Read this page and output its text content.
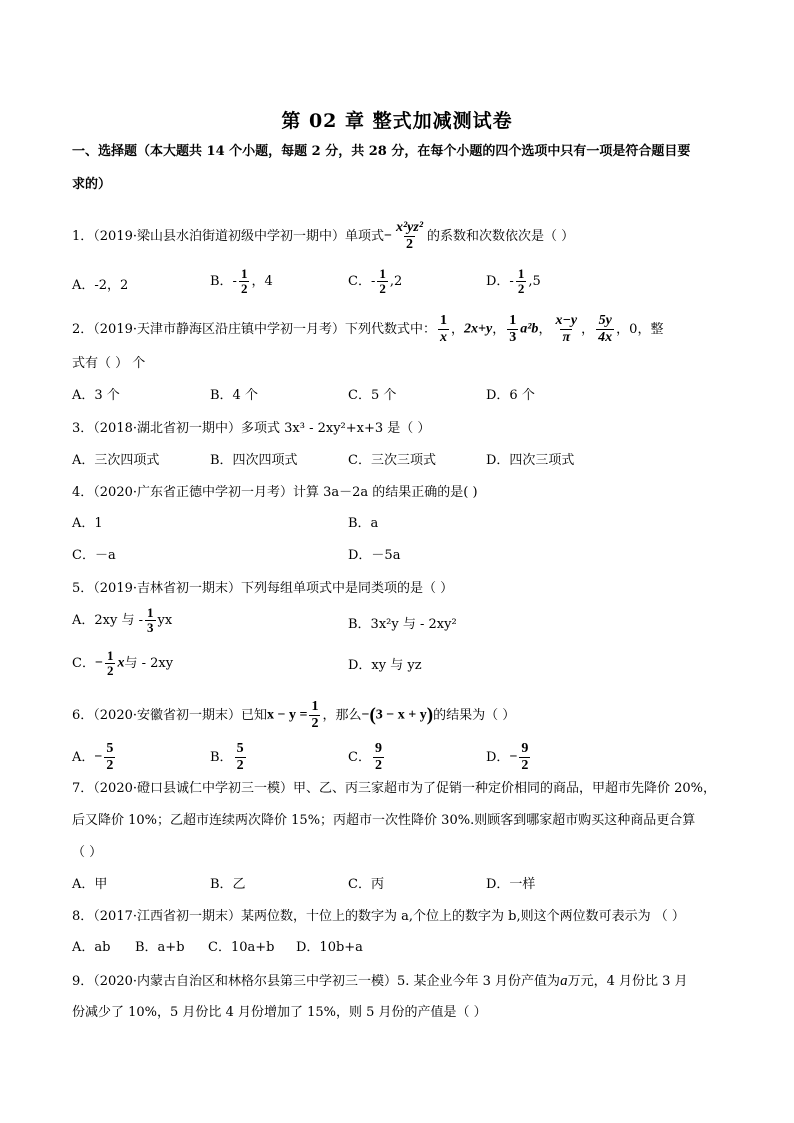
第 02 章 整式加减测试卷
一、选择题（本大题共 14 个小题，每题 2 分，共 28 分，在每个小题的四个选项中只有一项是符合题目要
求的）
1．（2019·梁山县水泊街道初级中学初一期中）单项式− $\frac{\text{x²yz²}}{2}$ 的系数和次数依次是（ ）
A．-2，2	B．- $\frac{1}{2}$ ，4	C．- $\frac{1}{2} ,2$	D．- $\frac{1}{2} ,5$
2．（2019·天津市静海区沿庄镇中学初一月考）下列代数式中： $\frac{1}{x}$ ，2x+y， $\frac{1}{3} a^2b$， $\frac{x-y}{\pi}$ ， $\frac{5y}{4x}$ ，0，整
式有（ ） 个
A．3 个	B．4 个	C．5 个	D．6 个
3．（2018·湖北省初一期中）多项式 3x³ - 2xy²+x+3 是（ ）
A．三次四项式	B．四次四项式	C．三次三项式	D．四次三项式
4．（2020·广东省正德中学初一月考）计算 3a－2a 的结果正确的是( )
A．1	B．a
C．－a	D．－5a
5．（2019·吉林省初一期末）下列每组单项式中是同类项的是（ ）
A．2xy 与 - $\frac{1}{3}$ yx	B．3x²y 与 - 2xy²
C．− $\frac{1}{2}$ x与 - 2xy	D．xy 与 yz
6．（2020·安徽省初一期末）已知$x - y = \frac{1}{2}$ ，那么−(3 − x + y)的结果为（ ）
A．− $\frac{5}{2}$	B． $\frac{5}{2}$	C． $\frac{9}{2}$	D．− $\frac{9}{2}$
7．（2020·磴口县诚仁中学初三一模）甲、乙、丙三家超市为了促销一种定价相同的商品，甲超市先降价 20%，
后又降价 10%；乙超市连续两次降价 15%；丙超市一次性降价 30%.则顾客到哪家超市购买这种商品更合算
（ ）
A．甲	B．乙	C．丙	D．一样
8．（2017·江西省初一期末）某两位数，十位上的数字为 a,个位上的数字为 b,则这个两位数可表示为 （ ）
A．ab B．a+b C．10a+b D．10b+a
9．（2020·内蒙古自治区和林格尔县第三中学初三一模）5. 某企业今年 3 月份产值为a万元，4 月份比 3 月
份减少了 10%，5 月份比 4 月份增加了 15%，则 5 月份的产值是（ ）
